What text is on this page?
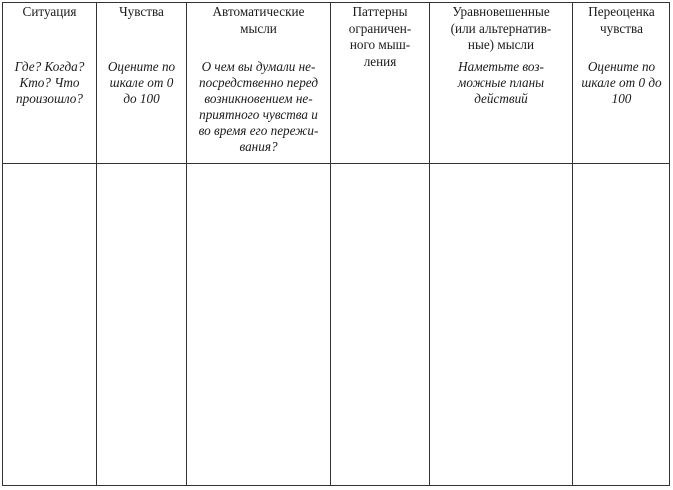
Ситуация
Где? Когда?
Кто? Что
произошло?
Чувства
Оцените по
шкале от 0
до 100
Автоматические
мысли
О чем вы думали не-
посредственно перед
возникновением не-
приятного чувства и
во время его пережи-
вания?
Паттерны
ограничен-
ного мыш-
ления
Уравновешенные
(или альтернатив-
ные) мысли
Наметьте воз-
можные планы
действий
Переоценка
чувства
Оцените по
шкале от 0 до
100
